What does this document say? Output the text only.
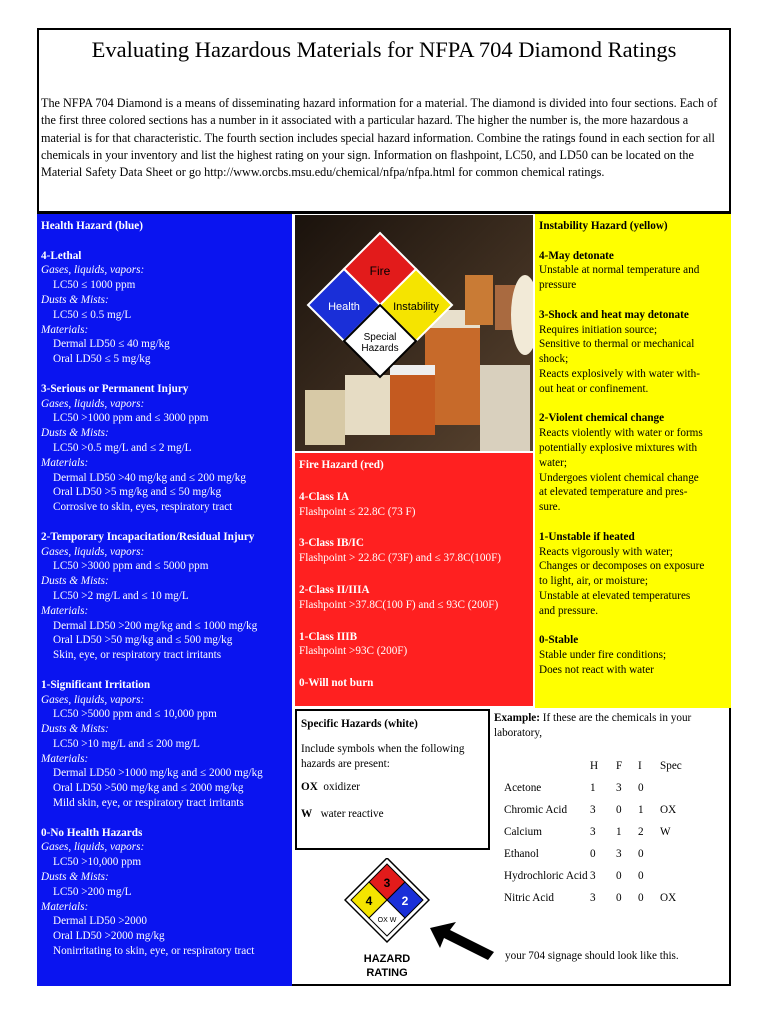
Evaluating Hazardous Materials for NFPA 704 Diamond Ratings
The NFPA 704 Diamond is a means of disseminating hazard information for a material. The diamond is divided into four sections. Each of the first three colored sections has a number in it associated with a particular hazard. The higher the number is, the more hazardous a material is for that characteristic. The fourth section includes special hazard information. Combine the ratings found in each section for all chemicals in your inventory and list the highest rating on your sign. Information on flashpoint, LC50, and LD50 can be located on the Material Safety Data Sheet or go http://www.orcbs.msu.edu/chemical/nfpa/nfpa.html for common chemical ratings.
Health Hazard (blue)
4-Lethal
Gases, liquids, vapors:
LC50 ≤ 1000 ppm
Dusts & Mists:
LC50 ≤ 0.5 mg/L
Materials:
Dermal LD50 ≤ 40 mg/kg
Oral LD50 ≤ 5 mg/kg
3-Serious or Permanent Injury
Gases, liquids, vapors:
LC50 >1000 ppm and ≤ 3000 ppm
Dusts & Mists:
LC50 >0.5 mg/L and ≤ 2 mg/L
Materials:
Dermal LD50 >40 mg/kg and ≤ 200 mg/kg
Oral LD50 >5 mg/kg and ≤ 50 mg/kg
Corrosive to skin, eyes, respiratory tract
2-Temporary Incapacitation/Residual Injury
Gases, liquids, vapors:
LC50 >3000 ppm and ≤ 5000 ppm
Dusts & Mists:
LC50 >2 mg/L and ≤ 10 mg/L
Materials:
Dermal LD50 >200 mg/kg and ≤ 1000 mg/kg
Oral LD50 >50 mg/kg and ≤ 500 mg/kg
Skin, eye, or respiratory tract irritants
1-Significant Irritation
Gases, liquids, vapors:
LC50 >5000 ppm and ≤ 10,000 ppm
Dusts & Mists:
LC50 >10 mg/L and ≤ 200 mg/L
Materials:
Dermal LD50 >1000 mg/kg and ≤ 2000 mg/kg
Oral LD50 >500 mg/kg and ≤ 2000 mg/kg
Mild skin, eye, or respiratory tract irritants
0-No Health Hazards
Gases, liquids, vapors:
LC50 >10,000 ppm
Dusts & Mists:
LC50 >200 mg/L
Materials:
Dermal LD50 >2000
Oral LD50 >2000 mg/kg
Nonirritating to skin, eye, or respiratory tract
Fire
Health	Instability
Special
Hazards
Fire Hazard (red)
4-Class IA
Flashpoint ≤ 22.8C (73 F)
3-Class IB/IC
Flashpoint > 22.8C (73F) and ≤ 37.8C(100F)
2-Class II/IIIA
Flashpoint >37.8C(100 F) and ≤ 93C (200F)
1-Class IIIB
Flashpoint >93C (200F)
0-Will not burn
Instability Hazard (yellow)
4-May detonate
Unstable at normal temperature and
pressure
3-Shock and heat may detonate
Requires initiation source;
Sensitive to thermal or mechanical
shock;
Reacts explosively with water with-
out heat or confinement.
2-Violent chemical change
Reacts violently with water or forms
potentially explosive mixtures with
water;
Undergoes violent chemical change
at elevated temperature and pres-
sure.
1-Unstable if heated
Reacts vigorously with water;
Changes or decomposes on exposure
to light, air, or moisture;
Unstable at elevated temperatures
and pressure.
0-Stable
Stable under fire conditions;
Does not react with water
Specific Hazards (white)
Include symbols when the following hazards are present:
OX oxidizer
W water reactive
Example: If these are the chemicals in your laboratory,
	H	F	I	Spec
Acetone	1	3	0	
Chromic Acid	3	0	1	OX
Calcium	3	1	2	W
Ethanol	0	3	0	
Hydrochloric Acid	3	0	0	
Nitric Acid	3	0	0	OX
3
4 2
OX W
HAZARD
RATING
your 704 signage should look like this.
